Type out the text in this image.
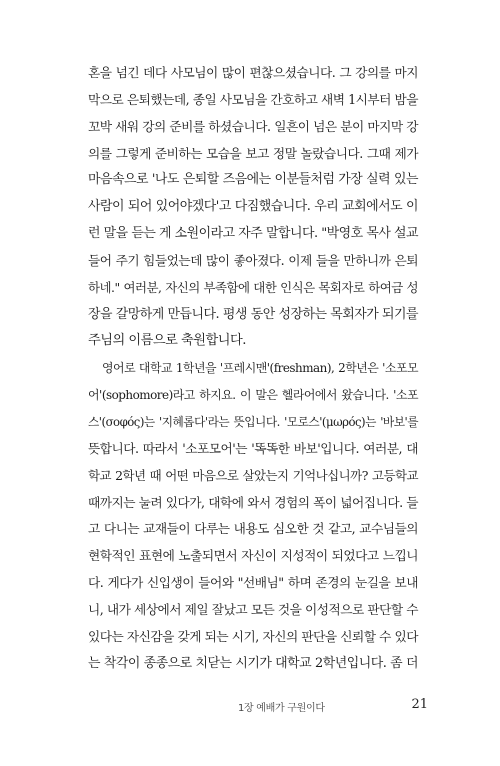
혼을 넘긴 데다 사모님이 많이 편찮으셨습니다. 그 강의를 마지
막으로 은퇴했는데, 종일 사모님을 간호하고 새벽 1시부터 밤을
꼬박 새워 강의 준비를 하셨습니다. 일흔이 넘은 분이 마지막 강
의를 그렇게 준비하는 모습을 보고 정말 놀랐습니다. 그때 제가
마음속으로 '나도 은퇴할 즈음에는 이분들처럼 가장 실력 있는
사람이 되어 있어야겠다'고 다짐했습니다. 우리 교회에서도 이
런 말을 듣는 게 소원이라고 자주 말합니다. "박영호 목사 설교
들어 주기 힘들었는데 많이 좋아졌다. 이제 들을 만하니까 은퇴
하네." 여러분, 자신의 부족함에 대한 인식은 목회자로 하여금 성
장을 갈망하게 만듭니다. 평생 동안 성장하는 목회자가 되기를
주님의 이름으로 축원합니다.
영어로 대학교 1학년을 '프레시맨'(freshman), 2학년은 '소포모
어'(sophomore)라고 하지요. 이 말은 헬라어에서 왔습니다. '소포
스'(σοφός)는 '지혜롭다'라는 뜻입니다. '모로스'(μωρός)는 '바보'를
뜻합니다. 따라서 '소포모어'는 '똑똑한 바보'입니다. 여러분, 대
학교 2학년 때 어떤 마음으로 살았는지 기억나십니까? 고등학교
때까지는 눌려 있다가, 대학에 와서 경험의 폭이 넓어집니다. 들
고 다니는 교재들이 다루는 내용도 심오한 것 같고, 교수님들의
현학적인 표현에 노출되면서 자신이 지성적이 되었다고 느낍니
다. 게다가 신입생이 들어와 "선배님" 하며 존경의 눈길을 보내
니, 내가 세상에서 제일 잘났고 모든 것을 이성적으로 판단할 수
있다는 자신감을 갖게 되는 시기, 자신의 판단을 신뢰할 수 있다
는 착각이 종종으로 치닫는 시기가 대학교 2학년입니다. 좀 더
1장 예배가 구원이다	21
